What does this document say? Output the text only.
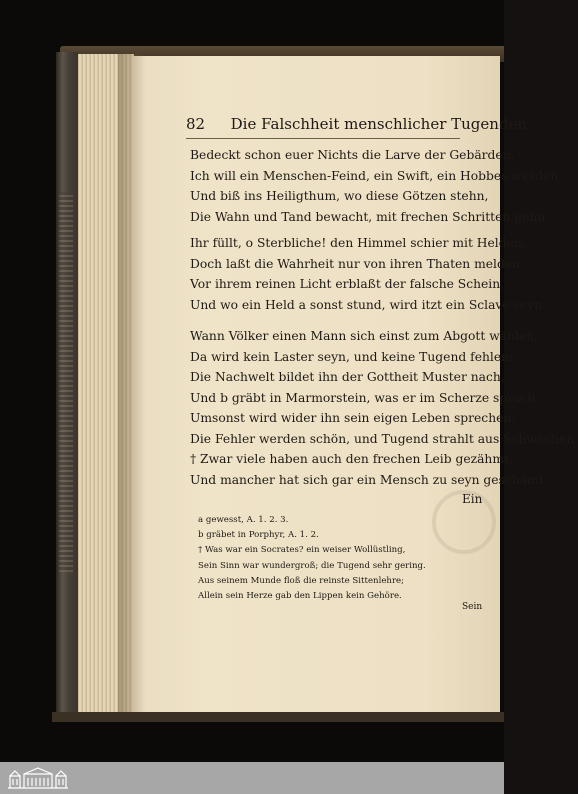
82 Die Falschheit menschlicher Tugenden.
Bedeckt schon euer Nichts die Larve der Gebärden,
Ich will ein Menschen-Feind, ein Swift, ein Hobbes werden,
Und biß ins Heiligthum, wo diese Götzen stehn,
Die Wahn und Tand bewacht, mit frechen Schritten gehn.
Ihr füllt, o Sterbliche! den Himmel schier mit Helden,
Doch laßt die Wahrheit nur von ihren Thaten melden,
Vor ihrem reinen Licht erblaßt der falsche Schein,
Und wo ein Held a sonst stund, wird itzt ein Sclave seyn.
Wann Völker einen Mann sich einst zum Abgott wählen,
Da wird kein Laster seyn, und keine Tugend fehlen:
Die Nachwelt bildet ihn der Gottheit Muster nach,
Und b gräbt in Marmorstein, was er im Scherze sprach:
Umsonst wird wider ihn sein eigen Leben sprechen,
Die Fehler werden schön, und Tugend strahlt aus Schwächen.
† Zwar viele haben auch den frechen Leib gezähmt,
Und mancher hat sich gar ein Mensch zu seyn geschämt:
Ein
a gewesst, A. 1. 2. 3.
b gräbet in Porphyr, A. 1. 2.
† Was war ein Socrates? ein weiser Wollüstling,
Sein Sinn war wundergroß; die Tugend sehr gering.
Aus seinem Munde floß die reinste Sittenlehre;
Allein sein Herze gab den Lippen kein Gehöre.
Sein
